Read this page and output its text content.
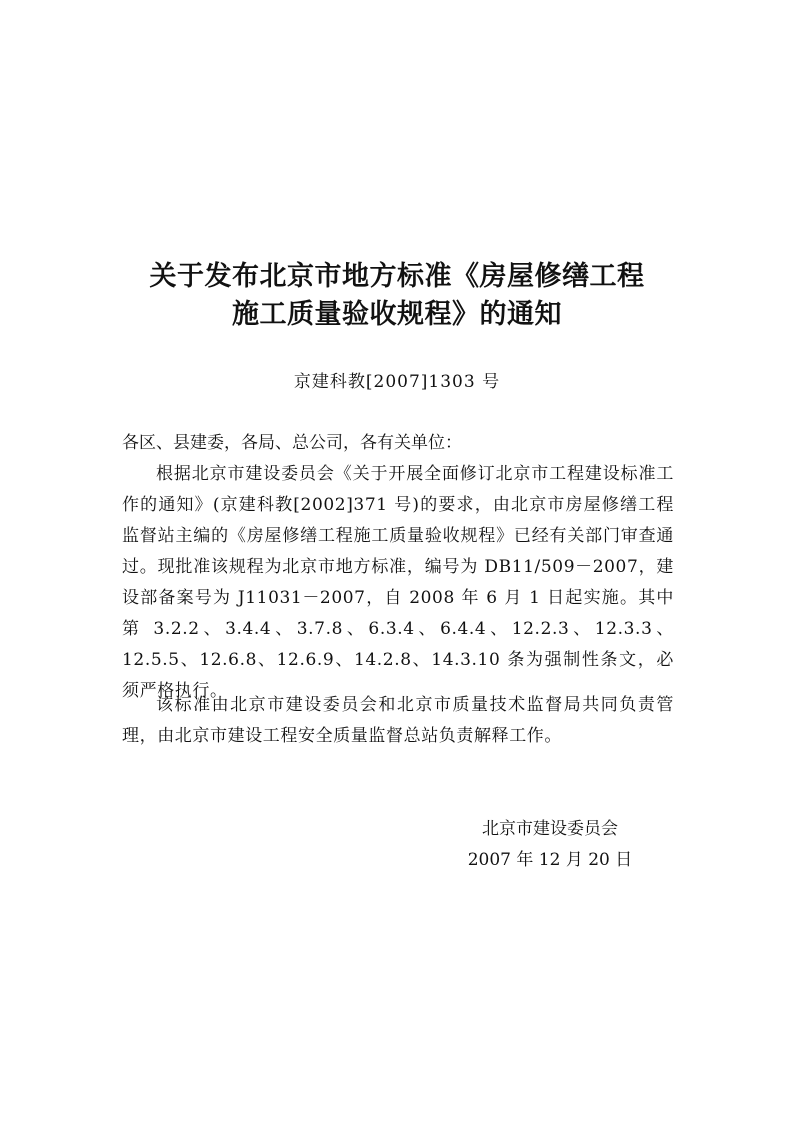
关于发布北京市地方标准《房屋修缮工程
施工质量验收规程》的通知
京建科教[2007]1303 号

各区、县建委，各局、总公司，各有关单位：

根据北京市建设委员会《关于开展全面修订北京市工程建设标准工作的通知》(京建科教[2002]371 号)的要求，由北京市房屋修缮工程监督站主编的《房屋修缮工程施工质量验收规程》已经有关部门审查通过。现批准该规程为北京市地方标准，编号为 DB11/509－2007，建设部备案号为 J11031－2007，自 2008 年 6 月 1 日起实施。其中第 3.2.2、3.4.4、3.7.8、6.3.4、6.4.4、12.2.3、12.3.3、12.5.5、12.6.8、12.6.9、14.2.8、14.3.10 条为强制性条文，必须严格执行。

该标准由北京市建设委员会和北京市质量技术监督局共同负责管理，由北京市建设工程安全质量监督总站负责解释工作。

北京市建设委员会
2007 年 12 月 20 日
